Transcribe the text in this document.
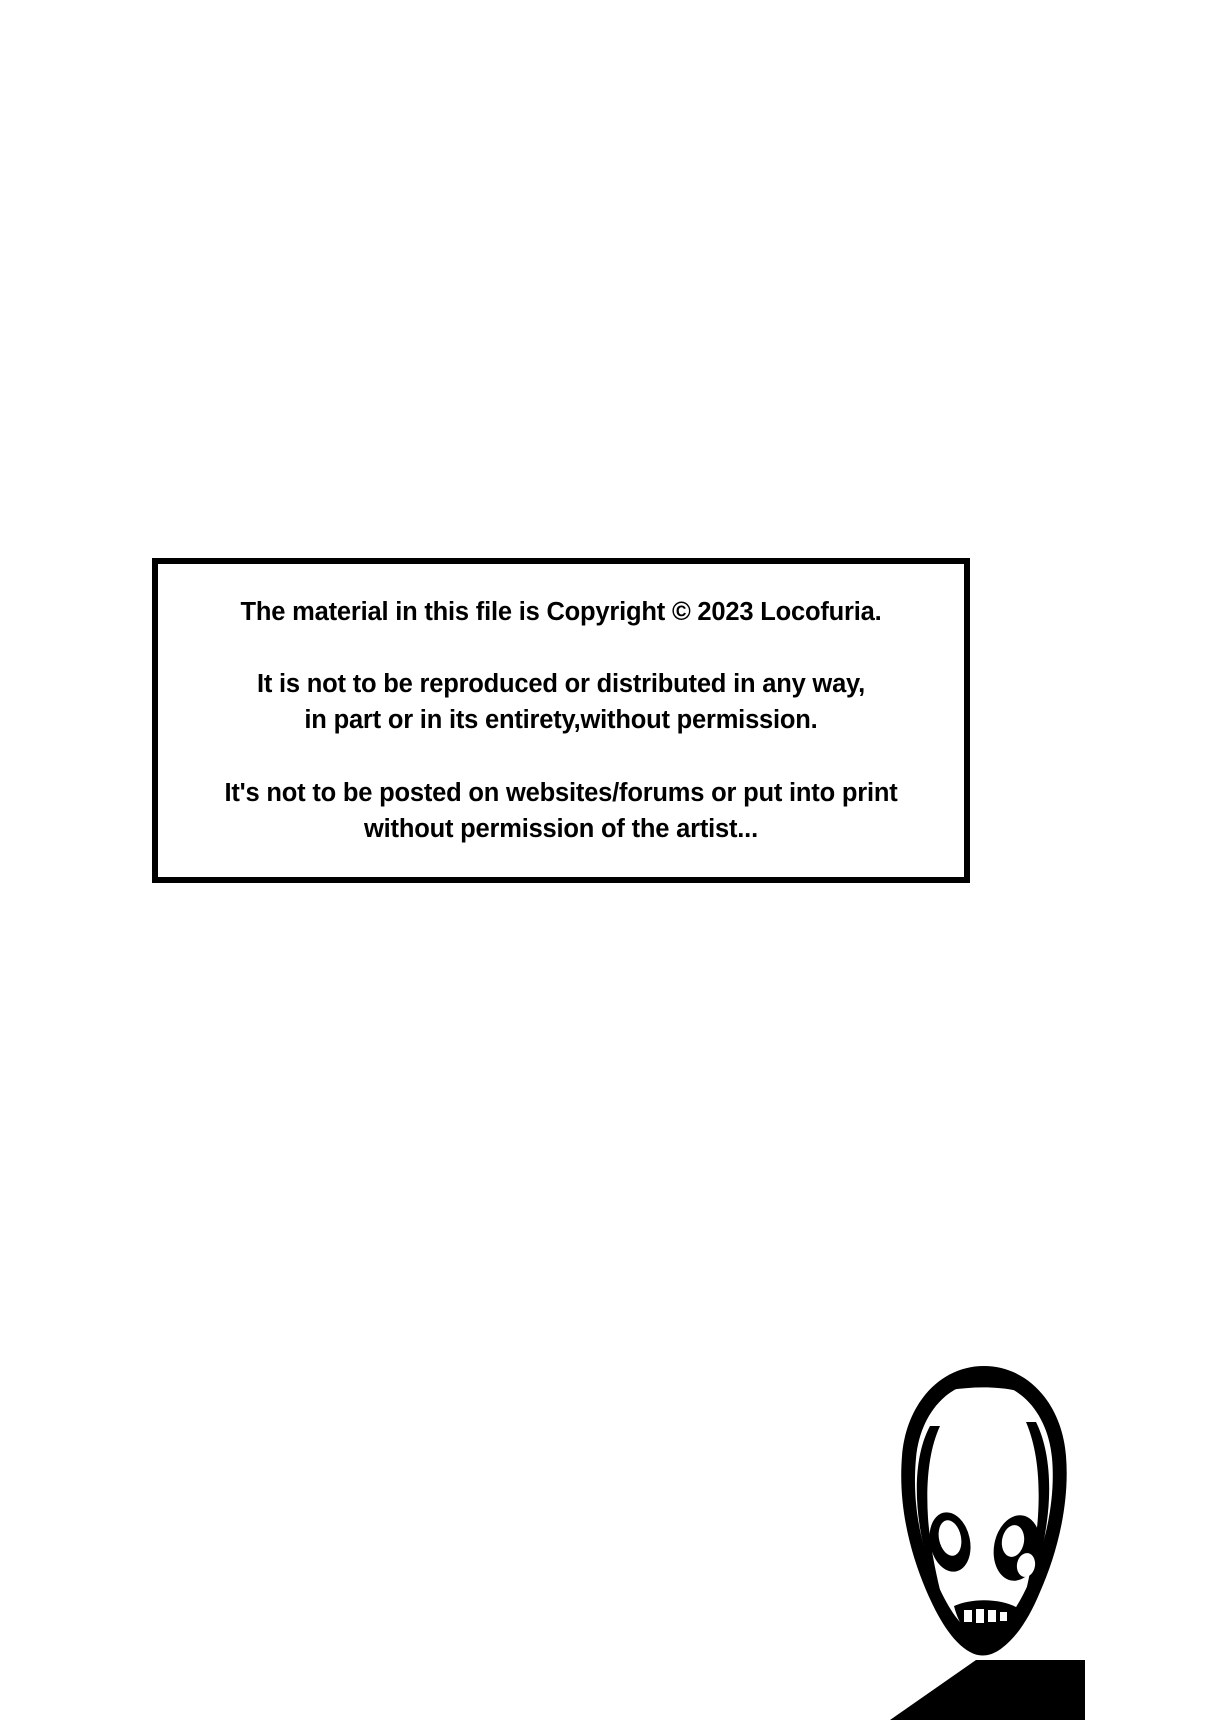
The material in this file is Copyright © 2023 Locofuria.

It is not to be reproduced or distributed in any way,
in part or in its entirety,without permission.

It's not to be posted on websites/forums or put into print
without permission of the artist...
